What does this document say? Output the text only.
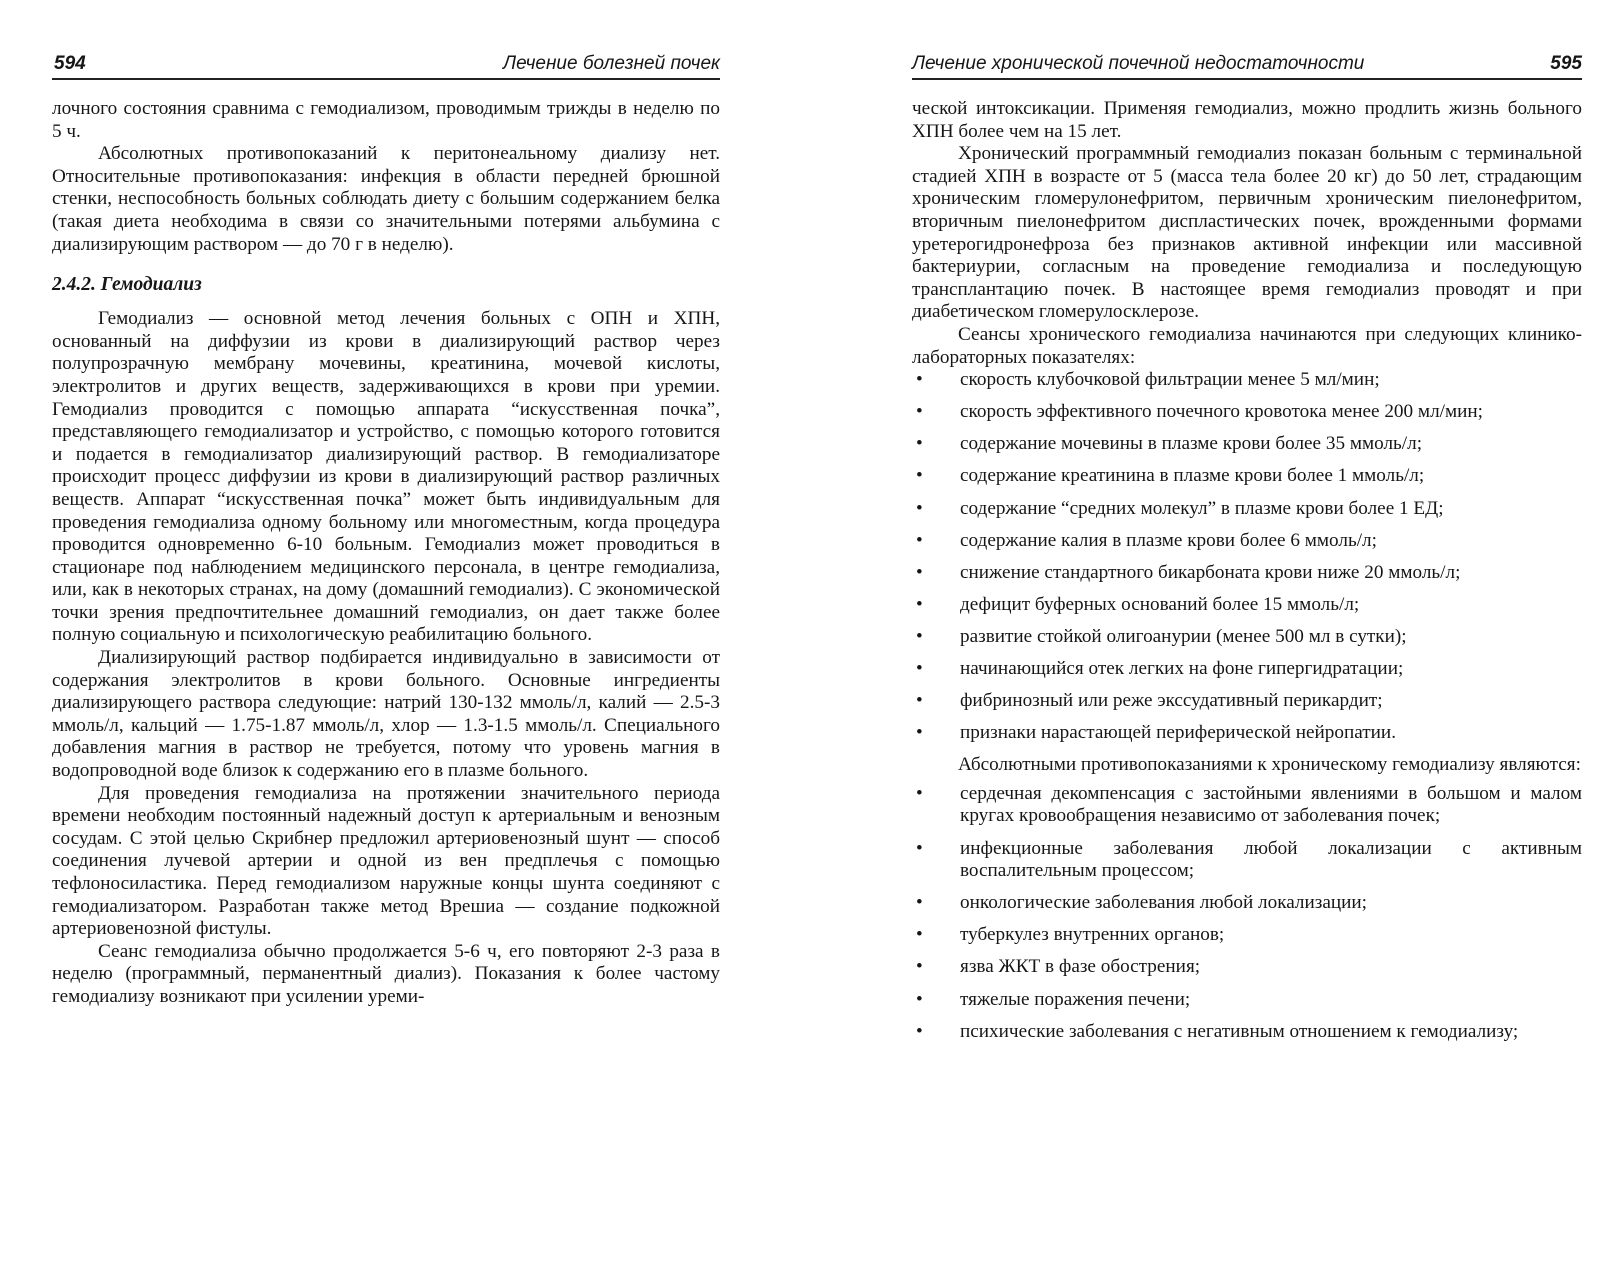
594	Лечение болезней почек

лочного состояния сравнима с гемодиализом, проводимым трижды в неделю по 5 ч.

Абсолютных противопоказаний к перитонеальному диализу нет. Относительные противопоказания: инфекция в области передней брюшной стенки, неспособность больных соблюдать диету с большим содержанием белка (такая диета необходима в связи со значительными потерями альбумина с диализирующим раствором — до 70 г в неделю).

2.4.2. Гемодиализ

Гемодиализ — основной метод лечения больных с ОПН и ХПН, основанный на диффузии из крови в диализирующий раствор через полупрозрачную мембрану мочевины, креатинина, мочевой кислоты, электролитов и других веществ, задерживающихся в крови при уремии. Гемодиализ проводится с помощью аппарата “искусственная почка”, представляющего гемодиализатор и устройство, с помощью которого готовится и подается в гемодиализатор диализирующий раствор. В гемодиализаторе происходит процесс диффузии из крови в диализирующий раствор различных веществ. Аппарат “искусственная почка” может быть индивидуальным для проведения гемодиализа одному больному или многоместным, когда процедура проводится одновременно 6-10 больным. Гемодиализ может проводиться в стационаре под наблюдением медицинского персонала, в центре гемодиализа, или, как в некоторых странах, на дому (домашний гемодиализ). С экономической точки зрения предпочтительнее домашний гемодиализ, он дает также более полную социальную и психологическую реабилитацию больного.

Диализирующий раствор подбирается индивидуально в зависимости от содержания электролитов в крови больного. Основные ингредиенты диализирующего раствора следующие: натрий 130-132 ммоль/л, калий — 2.5-3 ммоль/л, кальций — 1.75-1.87 ммоль/л, хлор — 1.3-1.5 ммоль/л. Специального добавления магния в раствор не требуется, потому что уровень магния в водопроводной воде близок к содержанию его в плазме больного.

Для проведения гемодиализа на протяжении значительного периода времени необходим постоянный надежный доступ к артериальным и венозным сосудам. С этой целью Скрибнер предложил артериовенозный шунт — способ соединения лучевой артерии и одной из вен предплечья с помощью тефлоносиластика. Перед гемодиализом наружные концы шунта соединяют с гемодиализатором. Разработан также метод Врешиа — создание подкожной артериовенозной фистулы.

Сеанс гемодиализа обычно продолжается 5-6 ч, его повторяют 2-3 раза в неделю (программный, перманентный диализ). Показания к более частому гемодиализу возникают при усилении уреми-

Лечение хронической почечной недостаточности	595

ческой интоксикации. Применяя гемодиализ, можно продлить жизнь больного ХПН более чем на 15 лет.

Хронический программный гемодиализ показан больным с терминальной стадией ХПН в возрасте от 5 (масса тела более 20 кг) до 50 лет, страдающим хроническим гломерулонефритом, первичным хроническим пиелонефритом, вторичным пиелонефритом диспластических почек, врожденными формами уретерогидронефроза без признаков активной инфекции или массивной бактериурии, согласным на проведение гемодиализа и последующую трансплантацию почек. В настоящее время гемодиализ проводят и при диабетическом гломерулосклерозе.

Сеансы хронического гемодиализа начинаются при следующих клинико-лабораторных показателях:

• скорость клубочковой фильтрации менее 5 мл/мин;
• скорость эффективного почечного кровотока менее 200 мл/мин;
• содержание мочевины в плазме крови более 35 ммоль/л;
• содержание креатинина в плазме крови более 1 ммоль/л;
• содержание “средних молекул” в плазме крови более 1 ЕД;
• содержание калия в плазме крови более 6 ммоль/л;
• снижение стандартного бикарбоната крови ниже 20 ммоль/л;
• дефицит буферных оснований более 15 ммоль/л;
• развитие стойкой олигоанурии (менее 500 мл в сутки);
• начинающийся отек легких на фоне гипергидратации;
• фибринозный или реже экссудативный перикардит;
• признаки нарастающей периферической нейропатии.

Абсолютными противопоказаниями к хроническому гемодиализу являются:

• сердечная декомпенсация с застойными явлениями в большом и малом кругах кровообращения независимо от заболевания почек;
• инфекционные заболевания любой локализации с активным воспалительным процессом;
• онкологические заболевания любой локализации;
• туберкулез внутренних органов;
• язва ЖКТ в фазе обострения;
• тяжелые поражения печени;
• психические заболевания с негативным отношением к гемодиализу;
